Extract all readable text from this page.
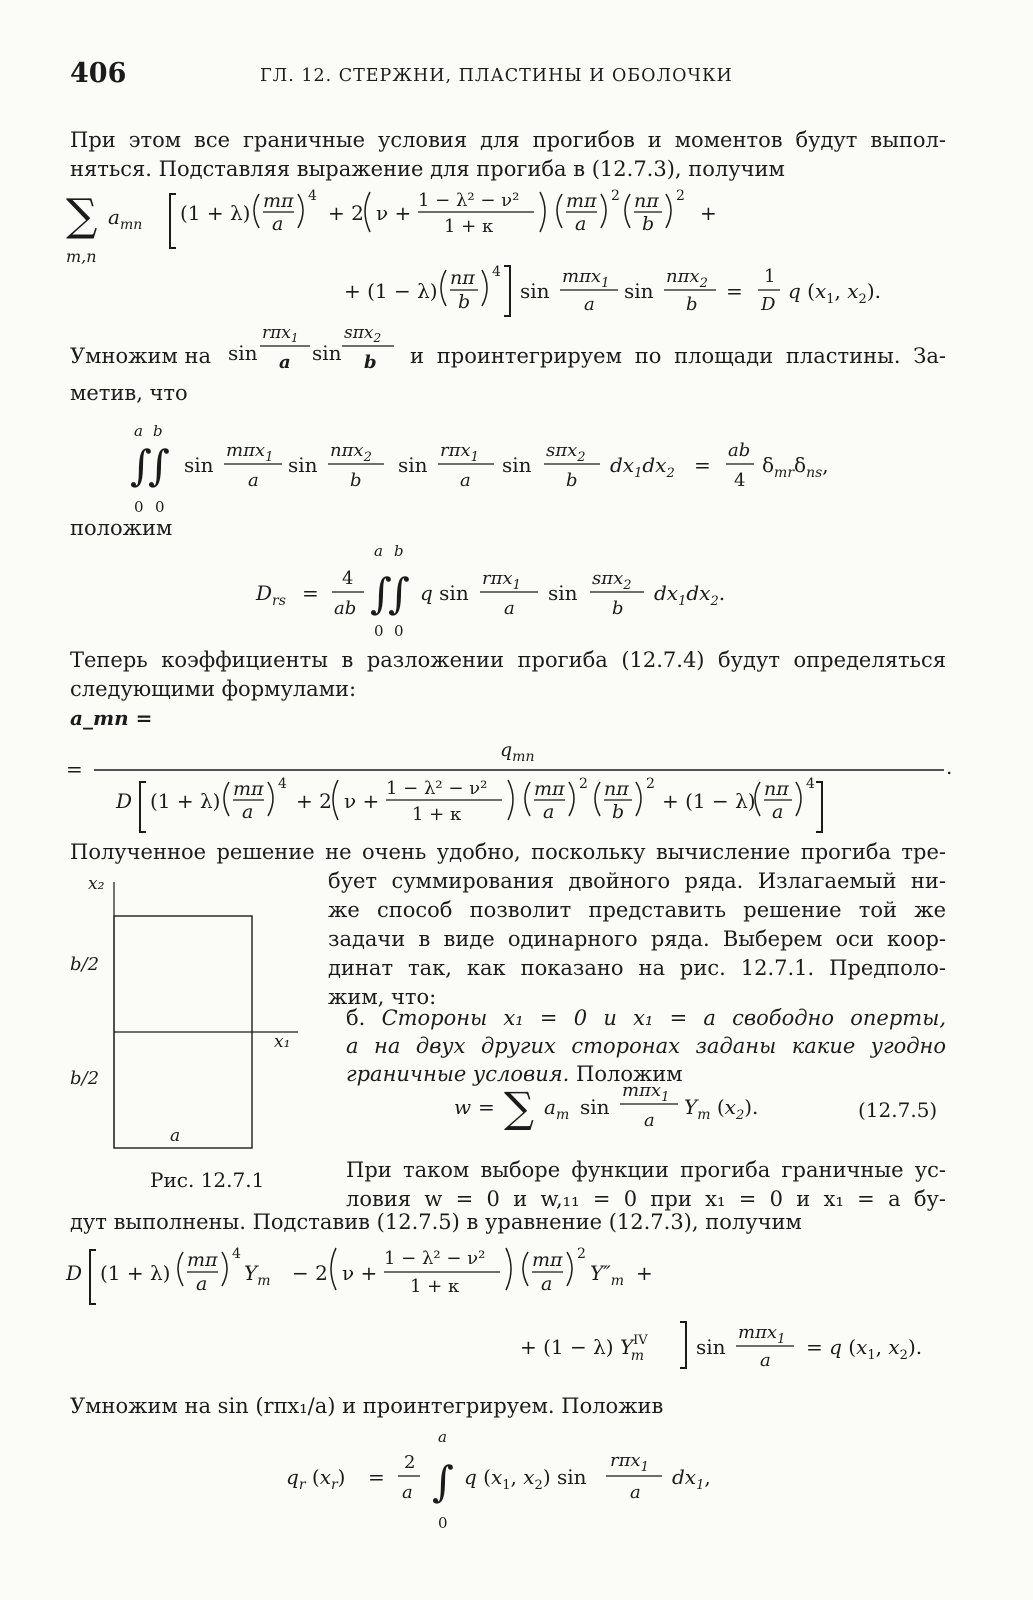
406	ГЛ. 12. СТЕРЖНИ, ПЛАСТИНЫ И ОБОЛОЧКИ
При этом все граничные условия для прогибов и моментов будут выпол-
няться. Подставляя выражение для прогиба в (12.7.3), получим
∑
m,n
$a_{mn}$ (1 + λ) mπ
a
4
+ 2 ν +
1 − λ² − ν²
1 + κ
mπ
a
2 nπ
b
2
+
+ (1 − λ)
nπ
b
4
sin
mπx$_1$
a
sin
nπx$_2$
b
=
1
D
q ($x_1$, $x_2$).
Умножим на sin
rπx$_1$
a sin
sπx$_2$
b и проинтегрируем по площади пластины. За-
метив, что
a b
∫
∫
0 0
sin
mπx$_1$
a
sin
nπx$_2$
b
sin
rπx$_1$
a
sin
sπx$_2$
b
$dx_1dx_2$ =
ab
4
$\delta_{mr}\delta_{ns}$,
положим
$D_{rs}$ =
4
ab
a b
∫
∫
0 0
q sin
rπx$_1$
a
sin
sπx$_2$
b
$dx_1dx_2$.
Теперь коэффициенты в разложении прогиба (12.7.4) будут определяться
следующими формулами:
a_mn =
=
$q_{mn}$	.
D (1 + λ) mπ
a
4
+ 2 ν +
1 − λ² − ν²
1 + κ
mπ
a
2 nπ
b
2
+ (1 − λ) nπ
a
4
Полученное решение не очень удобно, поскольку вычисление прогиба тре-
x₂
b/2
b/2
x₁
a
Рис. 12.7.1
бует суммирования двойного ряда. Излагаемый ни-
же способ позволит представить решение той же
задачи в виде одинарного ряда. Выберем оси коор-
динат так, как показано на рис. 12.7.1. Предполо-
жим, что:
б. Стороны x₁ = 0 и x₁ = a свободно оперты,
а на двух других сторонах заданы какие угодно
граничные условия. Положим
w = ∑ $a_m$ sin
mπx$_1$
a
$Y_m$ $(x_2)$.	(12.7.5)
При таком выборе функции прогиба граничные ус-
ловия w = 0 и w,₁₁ = 0 при x₁ = 0 и x₁ = a бу-
дут выполнены. Подставив (12.7.5) в уравнение (12.7.3), получим
D (1 + λ)
mπ
a
4
$Y_m - 2$ ν +
1 − λ² − ν²
1 + κ
mπ
a
2
$Y''_m$ +
+ (1 − λ) $Y^{IV}$ m	sin
mπx$_1$
a
= q ($x_1$, $x_2$).
Умножим на sin (rπx₁/a) и проинтегрируем. Положив
$q_r$ $(x_r)$ =
2
a
a
∫
0
q ($x_1$, $x_2$) sin
rπx$_1$
a
$dx_1$,
